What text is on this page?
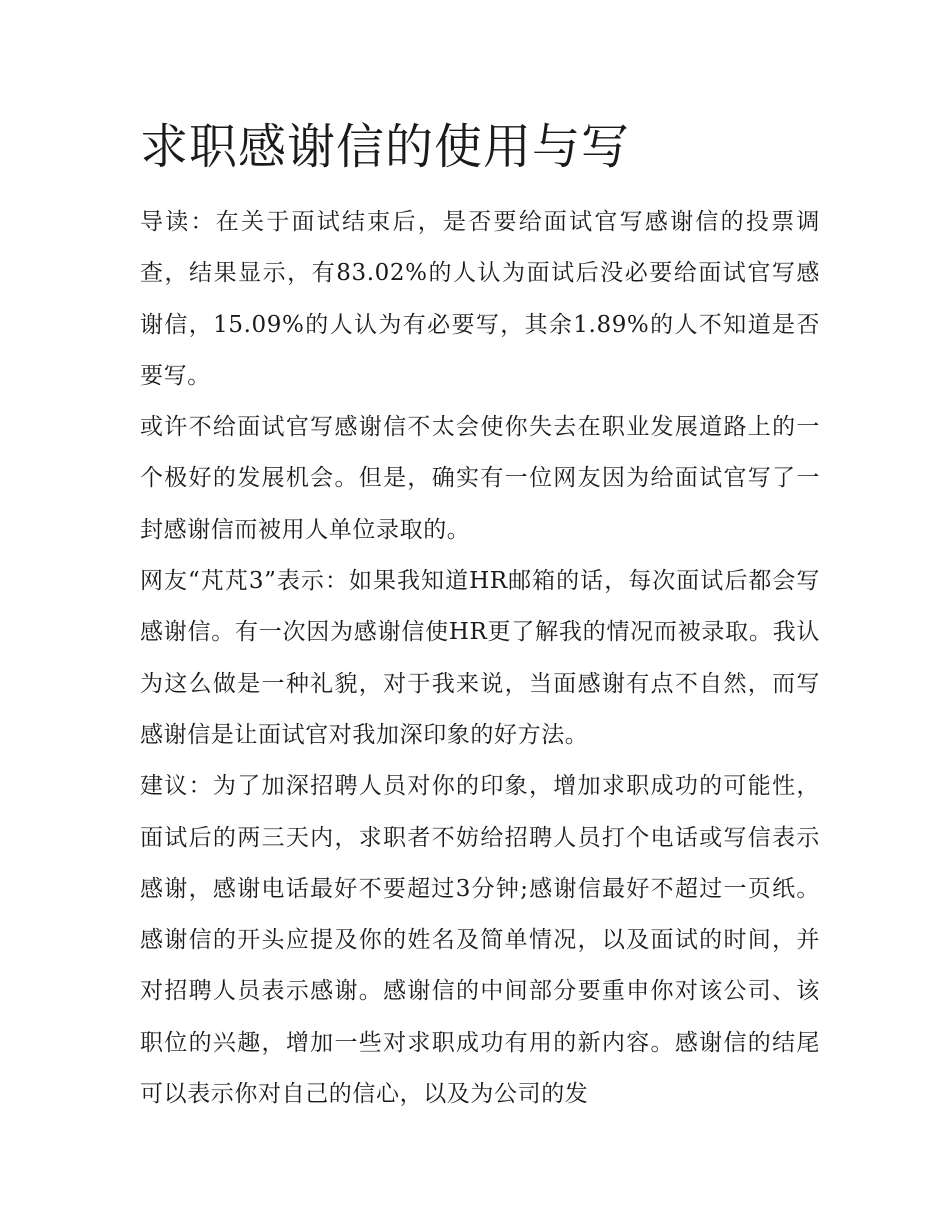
求职感谢信的使用与写

导读：在关于面试结束后，是否要给面试官写感谢信的投票调查，结果显示，有83.02%的人认为面试后没必要给面试官写感谢信，15.09%的人认为有必要写，其余1.89%的人不知道是否要写。

或许不给面试官写感谢信不太会使你失去在职业发展道路上的一个极好的发展机会。但是，确实有一位网友因为给面试官写了一封感谢信而被用人单位录取的。

网友“芃芃3”表示：如果我知道HR邮箱的话，每次面试后都会写感谢信。有一次因为感谢信使HR更了解我的情况而被录取。我认为这么做是一种礼貌，对于我来说，当面感谢有点不自然，而写感谢信是让面试官对我加深印象的好方法。

建议：为了加深招聘人员对你的印象，增加求职成功的可能性，面试后的两三天内，求职者不妨给招聘人员打个电话或写信表示感谢，感谢电话最好不要超过3分钟;感谢信最好不超过一页纸。感谢信的开头应提及你的姓名及简单情况，以及面试的时间，并对招聘人员表示感谢。感谢信的中间部分要重申你对该公司、该职位的兴趣，增加一些对求职成功有用的新内容。感谢信的结尾可以表示你对自己的信心，以及为公司的发
